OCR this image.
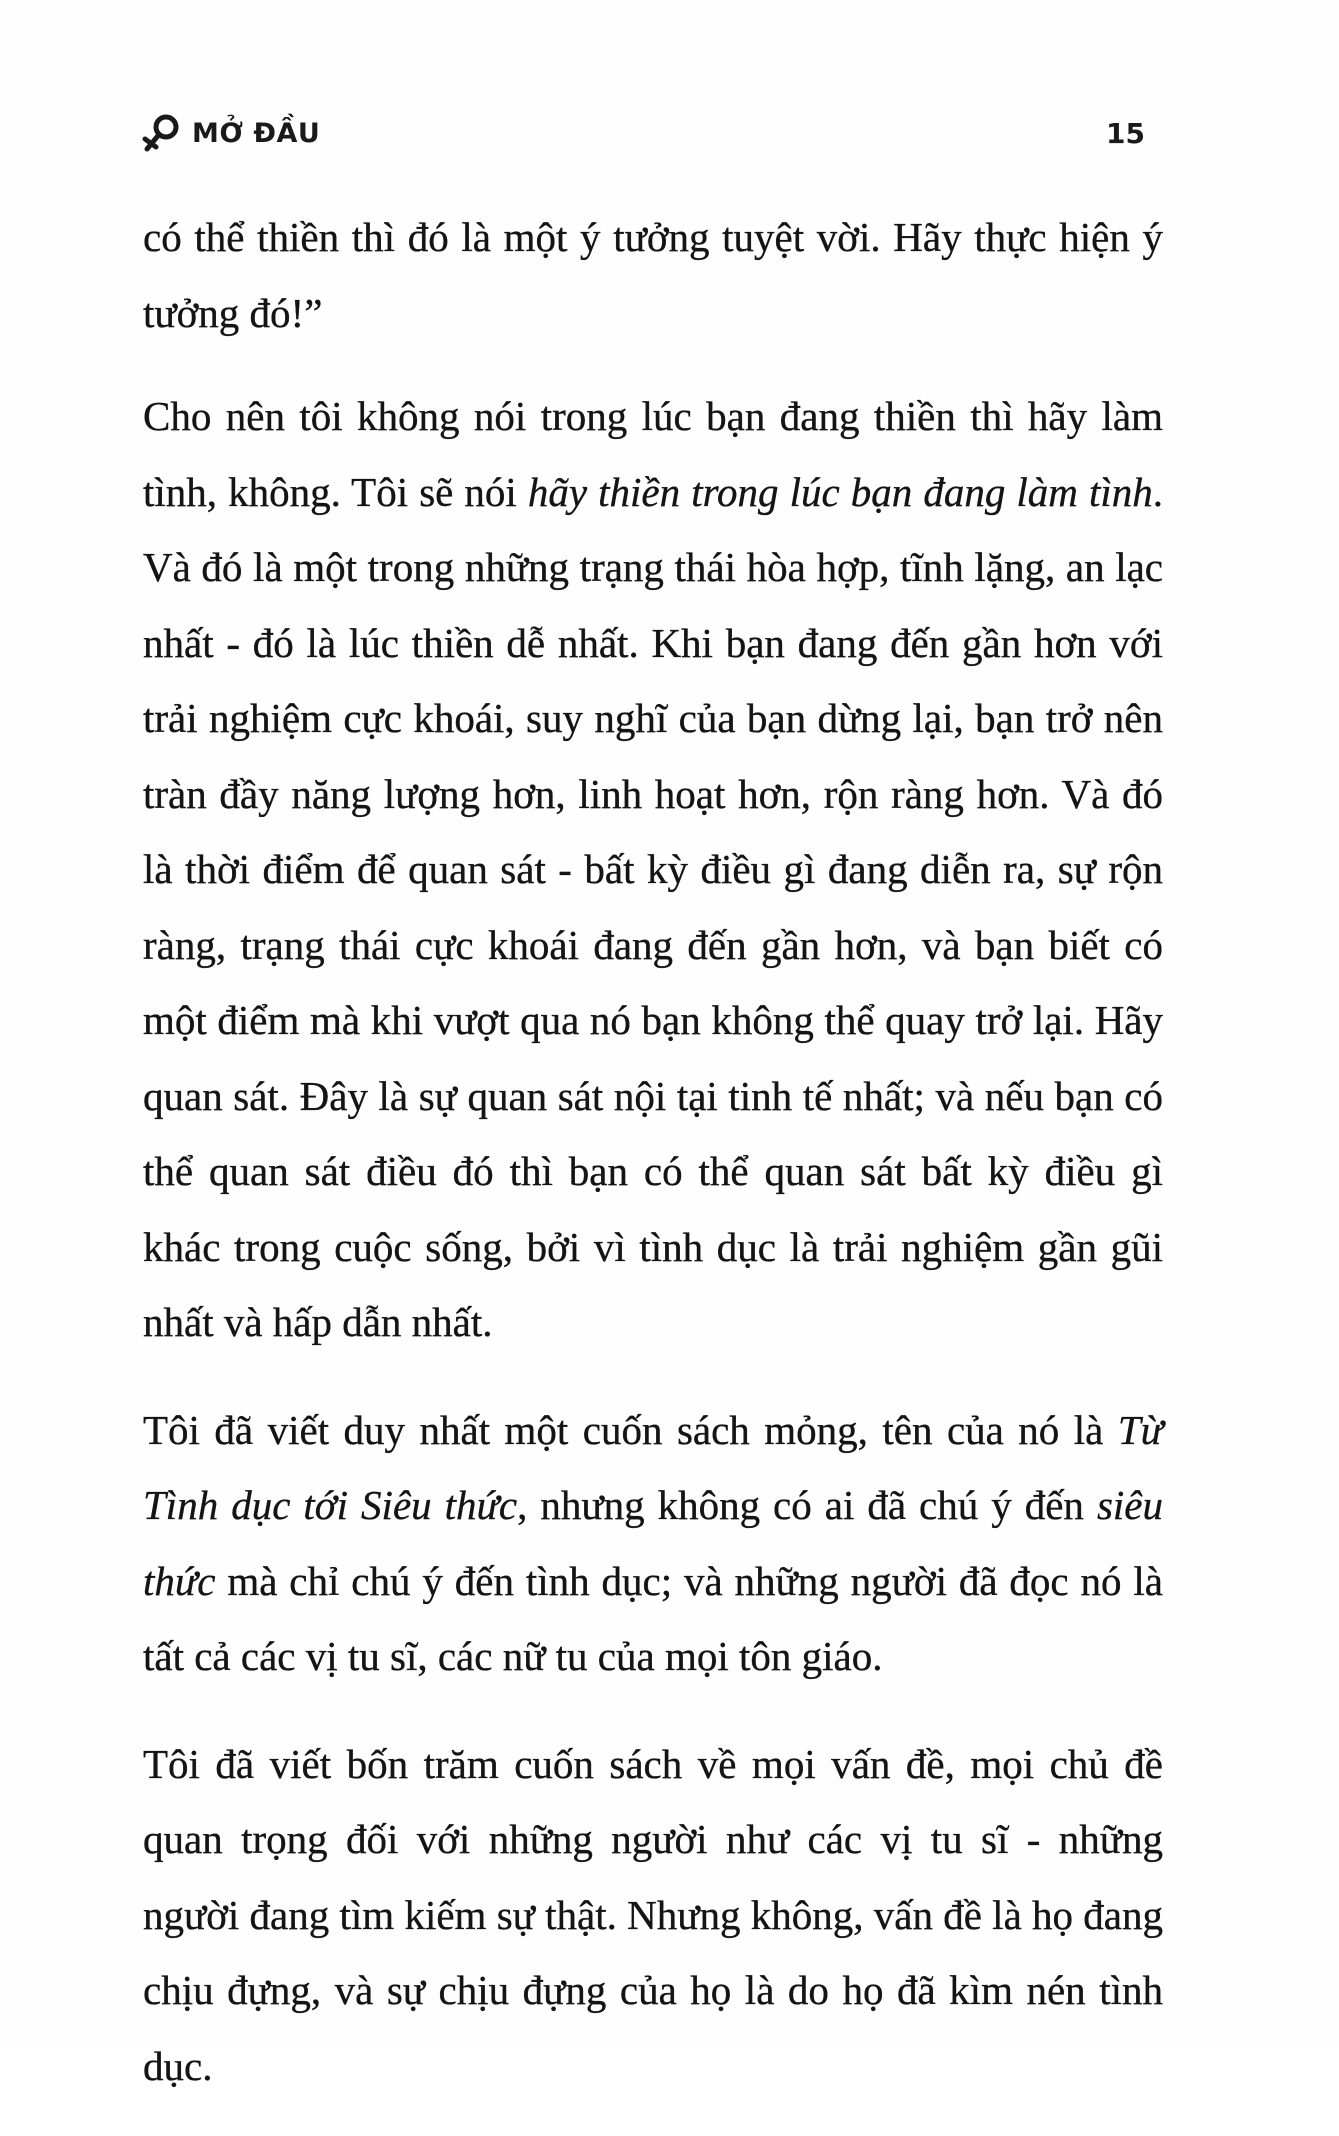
MỞ ĐẦU	15

có thể thiền thì đó là một ý tưởng tuyệt vời. Hãy thực hiện ý tưởng đó!”

Cho nên tôi không nói trong lúc bạn đang thiền thì hãy làm tình, không. Tôi sẽ nói hãy thiền trong lúc bạn đang làm tình. Và đó là một trong những trạng thái hòa hợp, tĩnh lặng, an lạc nhất - đó là lúc thiền dễ nhất. Khi bạn đang đến gần hơn với trải nghiệm cực khoái, suy nghĩ của bạn dừng lại, bạn trở nên tràn đầy năng lượng hơn, linh hoạt hơn, rộn ràng hơn. Và đó là thời điểm để quan sát - bất kỳ điều gì đang diễn ra, sự rộn ràng, trạng thái cực khoái đang đến gần hơn, và bạn biết có một điểm mà khi vượt qua nó bạn không thể quay trở lại. Hãy quan sát. Đây là sự quan sát nội tại tinh tế nhất; và nếu bạn có thể quan sát điều đó thì bạn có thể quan sát bất kỳ điều gì khác trong cuộc sống, bởi vì tình dục là trải nghiệm gần gũi nhất và hấp dẫn nhất.

Tôi đã viết duy nhất một cuốn sách mỏng, tên của nó là Từ Tình dục tới Siêu thức, nhưng không có ai đã chú ý đến siêu thức mà chỉ chú ý đến tình dục; và những người đã đọc nó là tất cả các vị tu sĩ, các nữ tu của mọi tôn giáo.

Tôi đã viết bốn trăm cuốn sách về mọi vấn đề, mọi chủ đề quan trọng đối với những người như các vị tu sĩ - những người đang tìm kiếm sự thật. Nhưng không, vấn đề là họ đang chịu đựng, và sự chịu đựng của họ là do họ đã kìm nén tình dục.
